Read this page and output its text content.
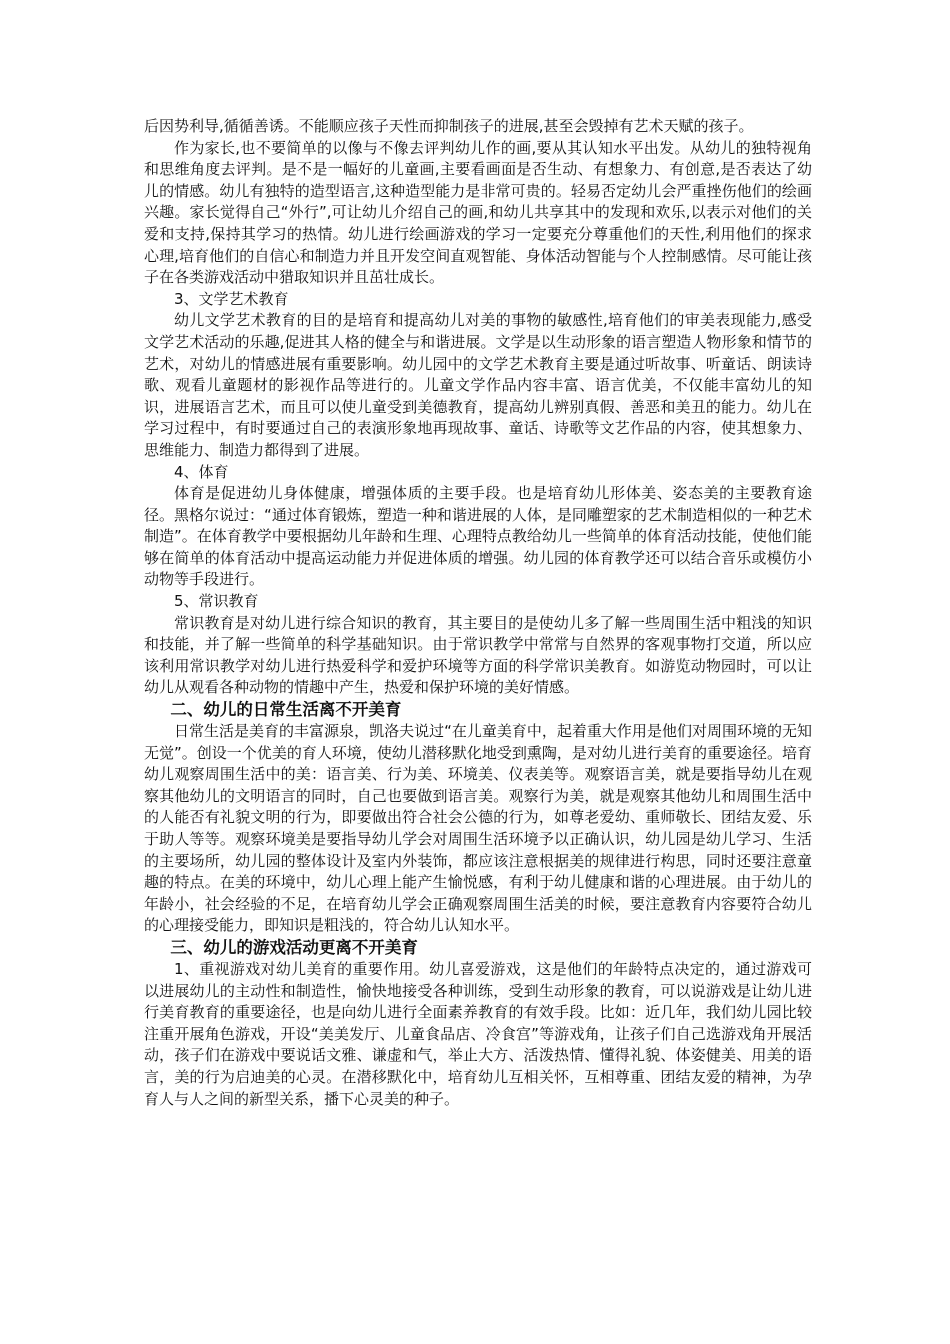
后因势利导,循循善诱。不能顺应孩子天性而抑制孩子的进展,甚至会毁掉有艺术天赋的孩子。

作为家长,也不要简单的以像与不像去评判幼儿作的画,要从其认知水平出发。从幼儿的独特视角和思维角度去评判。是不是一幅好的儿童画,主要看画面是否生动、有想象力、有创意,是否表达了幼儿的情感。幼儿有独特的造型语言,这种造型能力是非常可贵的。轻易否定幼儿会严重挫伤他们的绘画兴趣。家长觉得自己“外行”,可让幼儿介绍自己的画,和幼儿共享其中的发现和欢乐,以表示对他们的关爱和支持,保持其学习的热情。幼儿进行绘画游戏的学习一定要充分尊重他们的天性,利用他们的探求心理,培育他们的自信心和制造力并且开发空间直观智能、身体活动智能与个人控制感情。尽可能让孩子在各类游戏活动中猎取知识并且茁壮成长。

3、文学艺术教育

幼儿文学艺术教育的目的是培育和提高幼儿对美的事物的敏感性,培育他们的审美表现能力,感受文学艺术活动的乐趣,促进其人格的健全与和谐进展。文学是以生动形象的语言塑造人物形象和情节的艺术，对幼儿的情感进展有重要影响。幼儿园中的文学艺术教育主要是通过听故事、听童话、朗读诗歌、观看儿童题材的影视作品等进行的。儿童文学作品内容丰富、语言优美，不仅能丰富幼儿的知识，进展语言艺术，而且可以使儿童受到美德教育，提高幼儿辨别真假、善恶和美丑的能力。幼儿在学习过程中，有时要通过自己的表演形象地再现故事、童话、诗歌等文艺作品的内容，使其想象力、思维能力、制造力都得到了进展。

4、体育

体育是促进幼儿身体健康，增强体质的主要手段。也是培育幼儿形体美、姿态美的主要教育途径。黑格尔说过：“通过体育锻炼，塑造一种和谐进展的人体，是同雕塑家的艺术制造相似的一种艺术制造”。在体育教学中要根据幼儿年龄和生理、心理特点教给幼儿一些简单的体育活动技能，使他们能够在简单的体育活动中提高运动能力并促进体质的增强。幼儿园的体育教学还可以结合音乐或模仿小动物等手段进行。

5、常识教育

常识教育是对幼儿进行综合知识的教育，其主要目的是使幼儿多了解一些周围生活中粗浅的知识和技能，并了解一些简单的科学基础知识。由于常识教学中常常与自然界的客观事物打交道，所以应该利用常识教学对幼儿进行热爱科学和爱护环境等方面的科学常识美教育。如游览动物园时，可以让幼儿从观看各种动物的情趣中产生，热爱和保护环境的美好情感。

二、幼儿的日常生活离不开美育

日常生活是美育的丰富源泉，凯洛夫说过“在儿童美育中，起着重大作用是他们对周围环境的无知无觉”。创设一个优美的育人环境，使幼儿潜移默化地受到熏陶，是对幼儿进行美育的重要途径。培育幼儿观察周围生活中的美：语言美、行为美、环境美、仪表美等。观察语言美，就是要指导幼儿在观察其他幼儿的文明语言的同时，自己也要做到语言美。观察行为美，就是观察其他幼儿和周围生活中的人能否有礼貌文明的行为，即要做出符合社会公德的行为，如尊老爱幼、重师敬长、团结友爱、乐于助人等等。观察环境美是要指导幼儿学会对周围生活环境予以正确认识，幼儿园是幼儿学习、生活的主要场所，幼儿园的整体设计及室内外装饰，都应该注意根据美的规律进行构思，同时还要注意童趣的特点。在美的环境中，幼儿心理上能产生愉悦感，有利于幼儿健康和谐的心理进展。由于幼儿的年龄小，社会经验的不足，在培育幼儿学会正确观察周围生活美的时候，要注意教育内容要符合幼儿的心理接受能力，即知识是粗浅的，符合幼儿认知水平。

三、幼儿的游戏活动更离不开美育

1、重视游戏对幼儿美育的重要作用。幼儿喜爱游戏，这是他们的年龄特点决定的，通过游戏可以进展幼儿的主动性和制造性，愉快地接受各种训练，受到生动形象的教育，可以说游戏是让幼儿进行美育教育的重要途径，也是向幼儿进行全面素养教育的有效手段。比如：近几年，我们幼儿园比较注重开展角色游戏，开设“美美发厅、儿童食品店、冷食宫”等游戏角，让孩子们自己选游戏角开展活动，孩子们在游戏中要说话文雅、谦虚和气，举止大方、活泼热情、懂得礼貌、体姿健美、用美的语言，美的行为启迪美的心灵。在潜移默化中，培育幼儿互相关怀，互相尊重、团结友爱的精神，为孕育人与人之间的新型关系，播下心灵美的种子。
